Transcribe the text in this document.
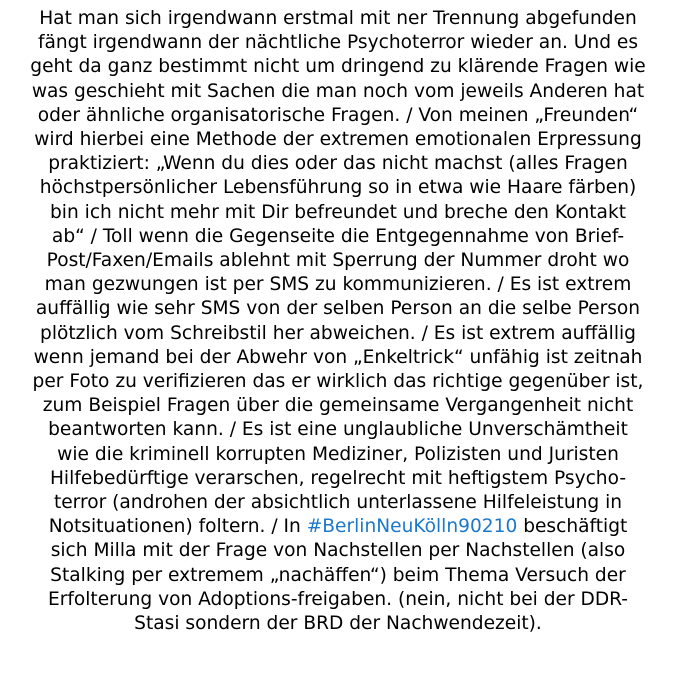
Hat man sich irgendwann erstmal mit ner Trennung abgefunden
fängt irgendwann der nächtliche Psychoterror wieder an. Und es
geht da ganz bestimmt nicht um dringend zu klärende Fragen wie
was geschieht mit Sachen die man noch vom jeweils Anderen hat
oder ähnliche organisatorische Fragen. / Von meinen „Freunden“
wird hierbei eine Methode der extremen emotionalen Erpressung
praktiziert: „Wenn du dies oder das nicht machst (alles Fragen
höchstpersönlicher Lebensführung so in etwa wie Haare färben)
bin ich nicht mehr mit Dir befreundet und breche den Kontakt
ab“ / Toll wenn die Gegenseite die Entgegennahme von Brief-
Post/Faxen/Emails ablehnt mit Sperrung der Nummer droht wo
man gezwungen ist per SMS zu kommunizieren. / Es ist extrem
auffällig wie sehr SMS von der selben Person an die selbe Person
plötzlich vom Schreibstil her abweichen. / Es ist extrem auffällig
wenn jemand bei der Abwehr von „Enkeltrick“ unfähig ist zeitnah
per Foto zu verifizieren das er wirklich das richtige gegenüber ist,
zum Beispiel Fragen über die gemeinsame Vergangenheit nicht
beantworten kann. / Es ist eine unglaubliche Unverschämtheit
wie die kriminell korrupten Mediziner, Polizisten und Juristen
Hilfebedürftige verarschen, regelrecht mit heftigstem Psycho-
terror (androhen der absichtlich unterlassene Hilfeleistung in
Notsituationen) foltern. / In #BerlinNeuKölln90210 beschäftigt
sich Milla mit der Frage von Nachstellen per Nachstellen (also
Stalking per extremem „nachäffen“) beim Thema Versuch der
Erfolterung von Adoptions-freigaben. (nein, nicht bei der DDR-
Stasi sondern der BRD der Nachwendezeit).
